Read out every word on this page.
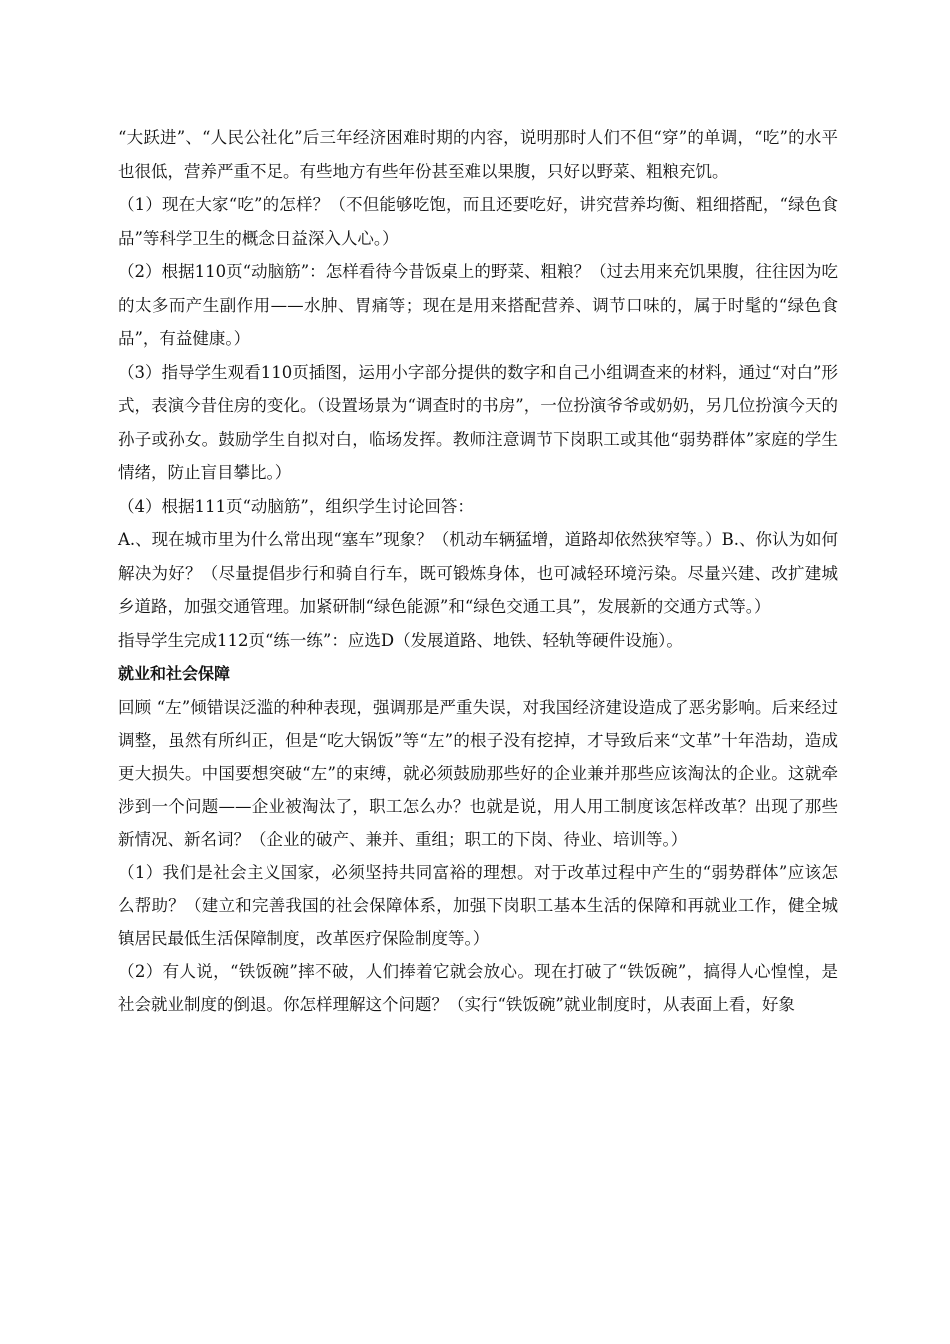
“大跃进”、“人民公社化”后三年经济困难时期的内容，说明那时人们不但“穿”的单调，“吃”的水平也很低，营养严重不足。有些地方有些年份甚至难以果腹，只好以野菜、粗粮充饥。

（1）现在大家“吃”的怎样？（不但能够吃饱，而且还要吃好，讲究营养均衡、粗细搭配，“绿色食品”等科学卫生的概念日益深入人心。）

（2）根据110页“动脑筋”：怎样看待今昔饭桌上的野菜、粗粮？（过去用来充饥果腹，往往因为吃的太多而产生副作用——水肿、胃痛等；现在是用来搭配营养、调节口味的，属于时髦的“绿色食品”，有益健康。）

（3）指导学生观看110页插图，运用小字部分提供的数字和自己小组调查来的材料，通过“对白”形式，表演今昔住房的变化。（设置场景为“调查时的书房”，一位扮演爷爷或奶奶，另几位扮演今天的孙子或孙女。鼓励学生自拟对白，临场发挥。教师注意调节下岗职工或其他“弱势群体”家庭的学生情绪，防止盲目攀比。）

（4）根据111页“动脑筋”，组织学生讨论回答：

A.、现在城市里为什么常出现“塞车”现象？（机动车辆猛增，道路却依然狭窄等。）B.、你认为如何解决为好？（尽量提倡步行和骑自行车，既可锻炼身体，也可减轻环境污染。尽量兴建、改扩建城乡道路，加强交通管理。加紧研制“绿色能源”和“绿色交通工具”，发展新的交通方式等。）

指导学生完成112页“练一练”：应选D（发展道路、地铁、轻轨等硬件设施）。

就业和社会保障

回顾 “左”倾错误泛滥的种种表现，强调那是严重失误，对我国经济建设造成了恶劣影响。后来经过调整，虽然有所纠正，但是“吃大锅饭”等“左”的根子没有挖掉，才导致后来“文革”十年浩劫，造成更大损失。中国要想突破“左”的束缚，就必须鼓励那些好的企业兼并那些应该淘汰的企业。这就牵涉到一个问题——企业被淘汰了，职工怎么办？也就是说，用人用工制度该怎样改革？出现了那些新情况、新名词？（企业的破产、兼并、重组；职工的下岗、待业、培训等。）

（1）我们是社会主义国家，必须坚持共同富裕的理想。对于改革过程中产生的“弱势群体”应该怎么帮助？（建立和完善我国的社会保障体系，加强下岗职工基本生活的保障和再就业工作，健全城镇居民最低生活保障制度，改革医疗保险制度等。）

（2）有人说，“铁饭碗”摔不破，人们捧着它就会放心。现在打破了“铁饭碗”，搞得人心惶惶，是社会就业制度的倒退。你怎样理解这个问题？（实行“铁饭碗”就业制度时，从表面上看，好象
